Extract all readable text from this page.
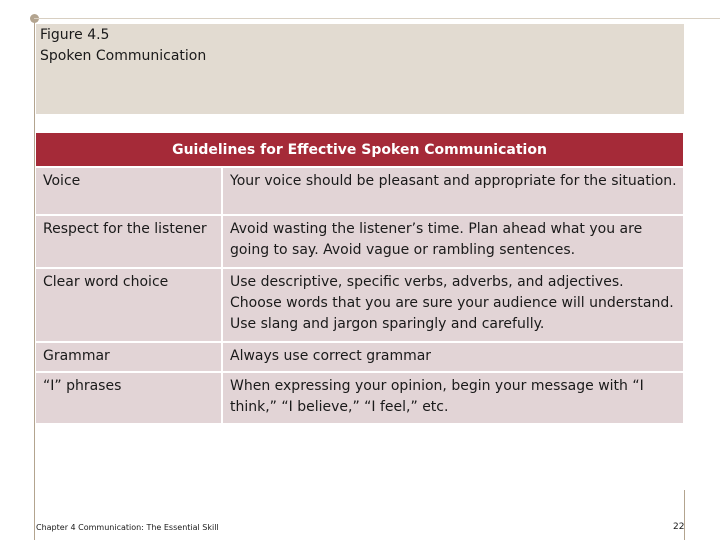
Figure 4.5
Spoken Communication
Guidelines for Effective Spoken Communication
Voice	Your voice should be pleasant and appropriate for the situation.
Respect for the listener	Avoid wasting the listener’s time. Plan ahead what you are going to say. Avoid vague or rambling sentences.
Clear word choice	Use descriptive, specific verbs, adverbs, and adjectives. Choose words that you are sure your audience will understand. Use slang and jargon sparingly and carefully.
Grammar	Always use correct grammar
“I” phrases	When expressing your opinion, begin your message with “I think,” “I believe,” “I feel,” etc.
Chapter 4 Communication: The Essential Skill	22
